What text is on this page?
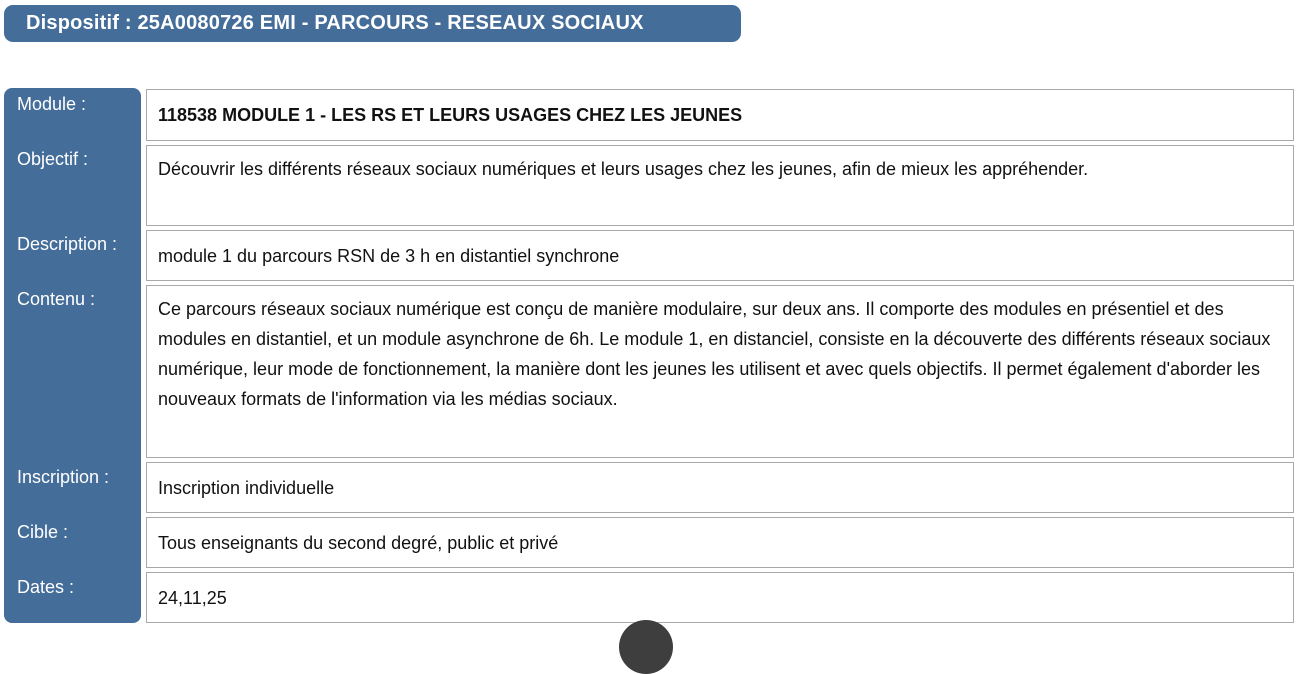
Dispositif : 25A0080726 EMI - PARCOURS - RESEAUX SOCIAUX
Module :
Objectif :
Description :
Contenu :
Inscription :
Cible :
Dates :
118538 MODULE 1 - LES RS ET LEURS USAGES CHEZ LES JEUNES
Découvrir les différents réseaux sociaux numériques et leurs usages chez les jeunes, afin de mieux les appréhender.
module 1 du parcours RSN de 3 h en distantiel synchrone
Ce parcours réseaux sociaux numérique est conçu de manière modulaire, sur deux ans. Il comporte des modules en présentiel et des modules en distantiel, et un module asynchrone de 6h. Le module 1, en distanciel, consiste en la découverte des différents réseaux sociaux numérique, leur mode de fonctionnement, la manière dont les jeunes les utilisent et avec quels objectifs. Il permet également d'aborder les nouveaux formats de l'information via les médias sociaux.
Inscription individuelle
Tous enseignants du second degré, public et privé
24,11,25
